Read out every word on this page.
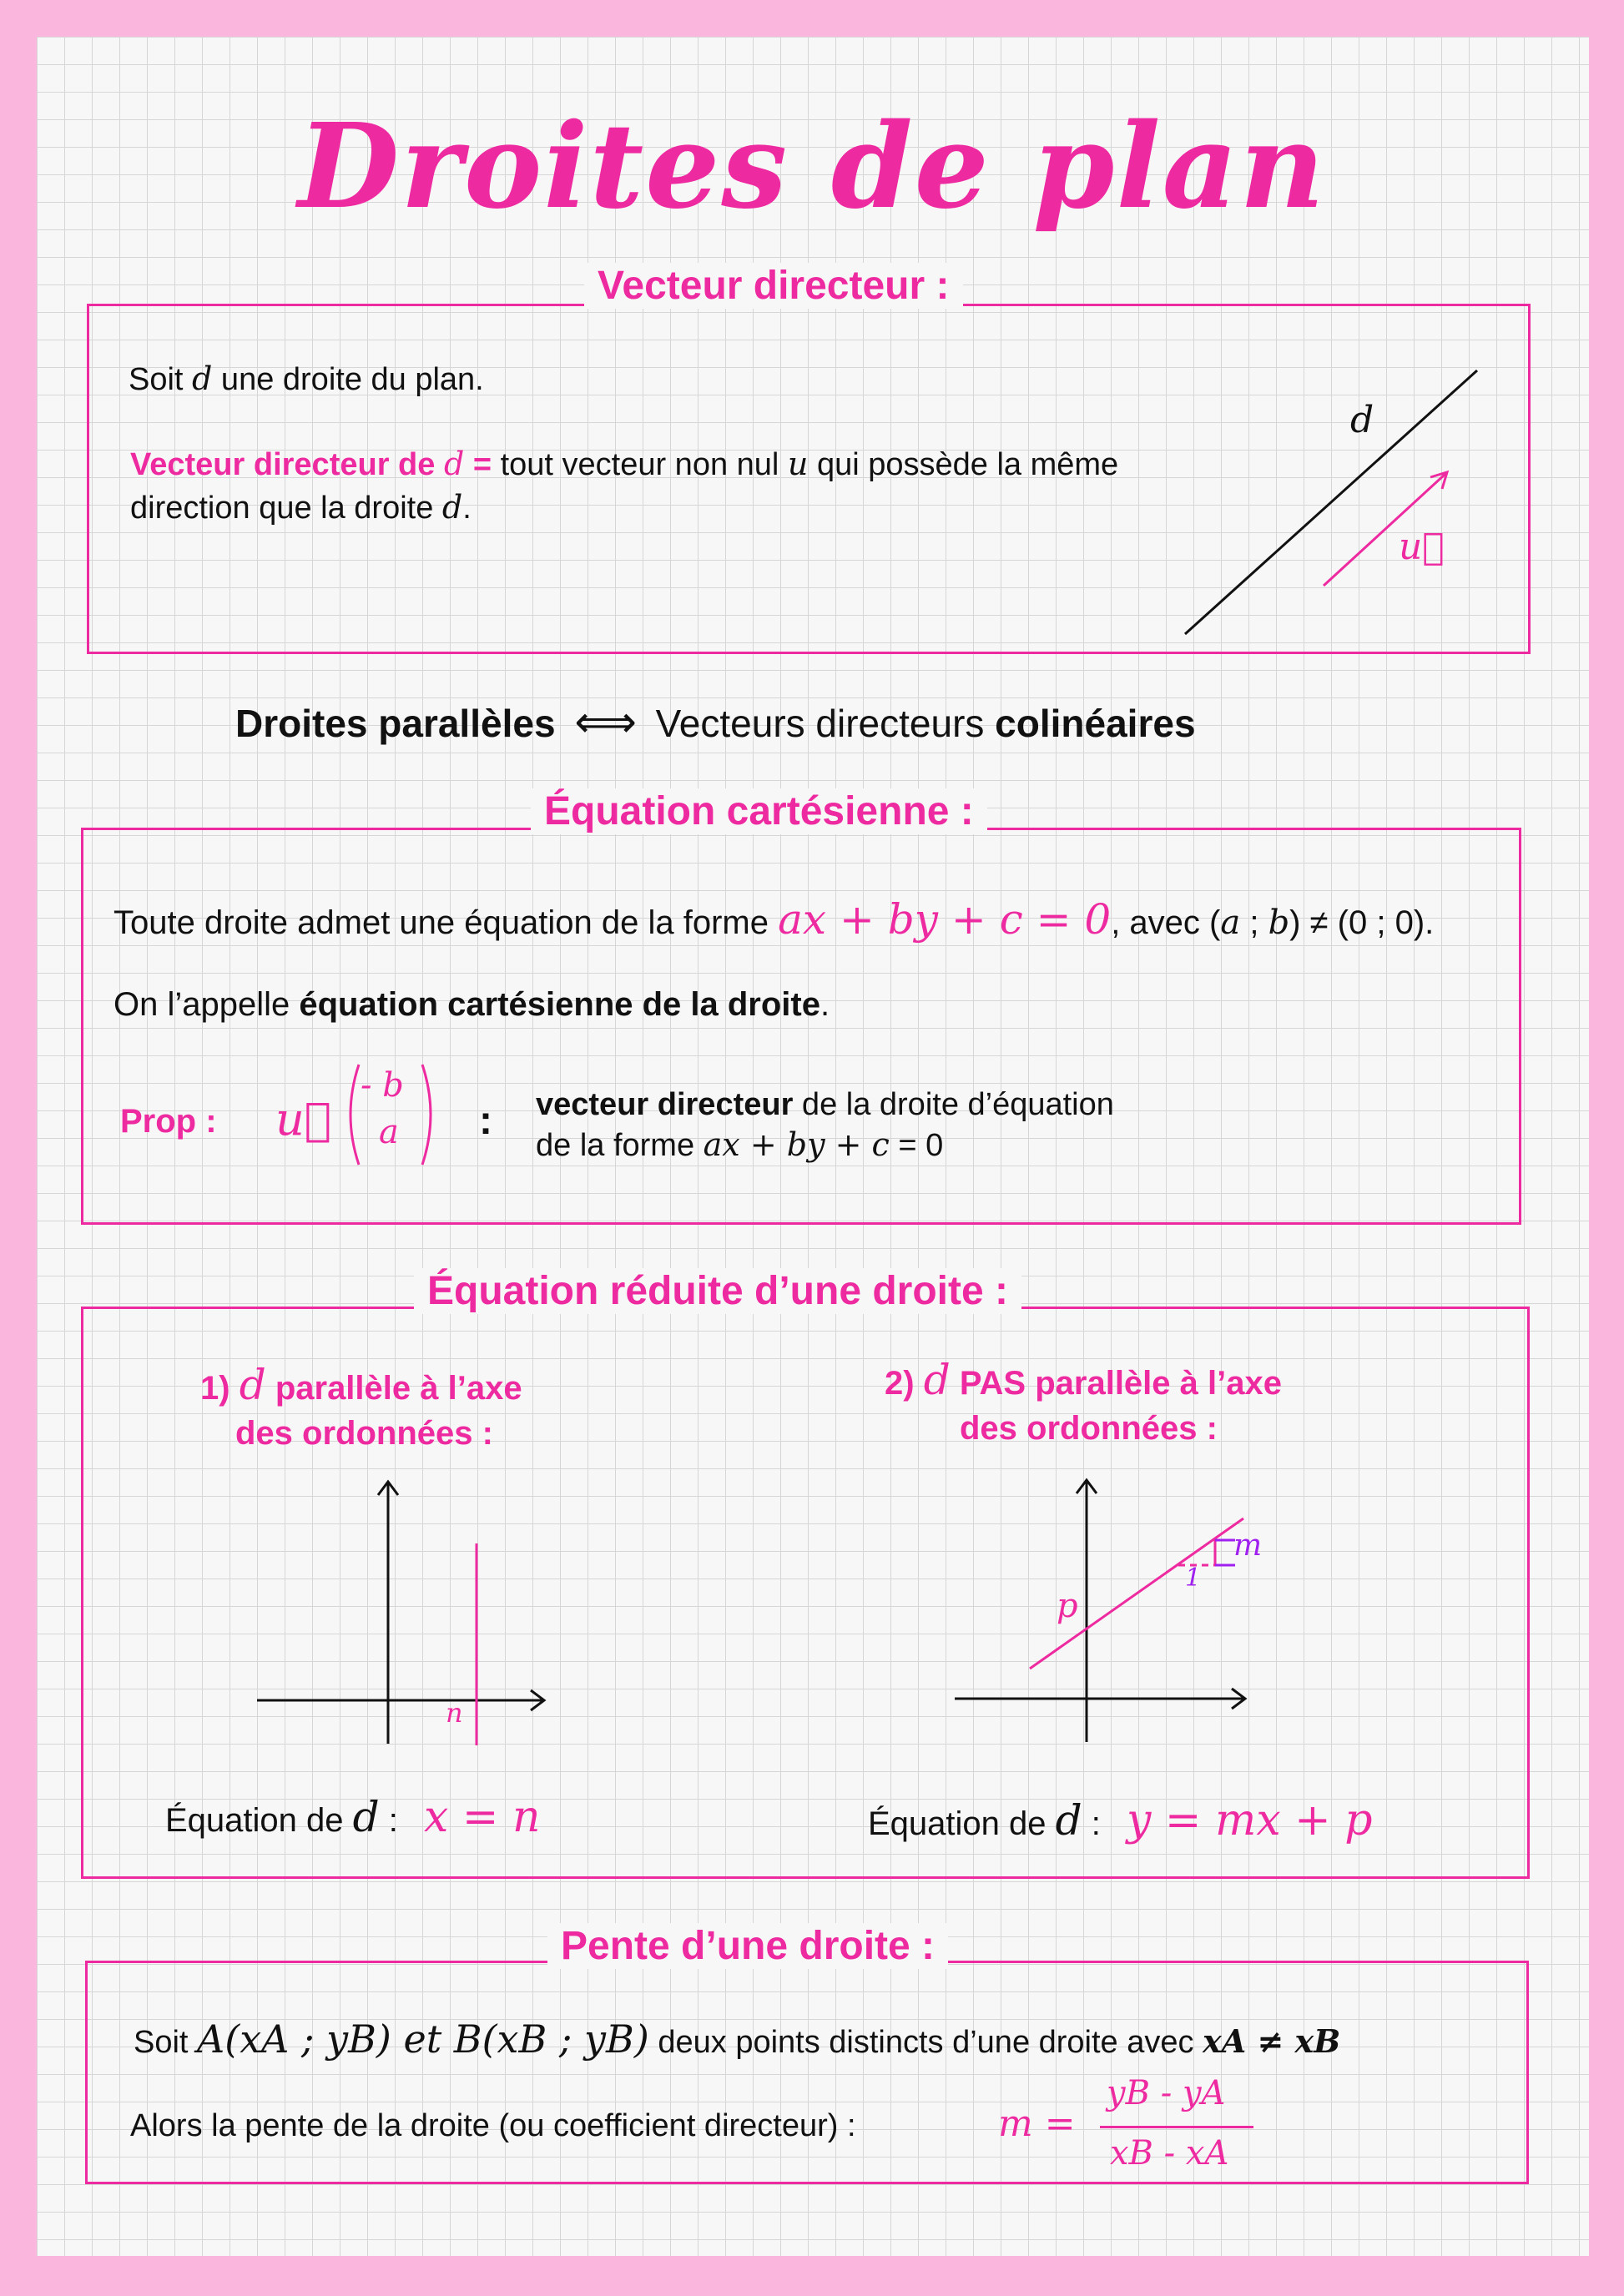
Droites de plan
Vecteur directeur :
Soit d une droite du plan.
Vecteur directeur de d = tout vecteur non nul u qui possède la même
direction que la droite d.
d
u⃗
Droites parallèles ⟺ Vecteurs directeurs colinéaires
Équation cartésienne :
Toute droite admet une équation de la forme ax + by + c = 0, avec (a ; b) ≠ (0 ; 0).
On l’appelle équation cartésienne de la droite.
Prop : u⃗
- b
a : vecteur directeur de la droite d’équation
de la forme ax + by + c = 0
Équation réduite d’une droite :
1) d parallèle à l’axe
des ordonnées :
n
Équation de d : x = n
2) d PAS parallèle à l’axe
des ordonnées :
p
m
1
Équation de d : y = mx + p
Pente d’une droite :
Soit A(xA ; yB) et B(xB ; yB) deux points distincts d’une droite avec xA ≠ xB
Alors la pente de la droite (ou coefficient directeur) :	m =
yB - yA
xB - xA
